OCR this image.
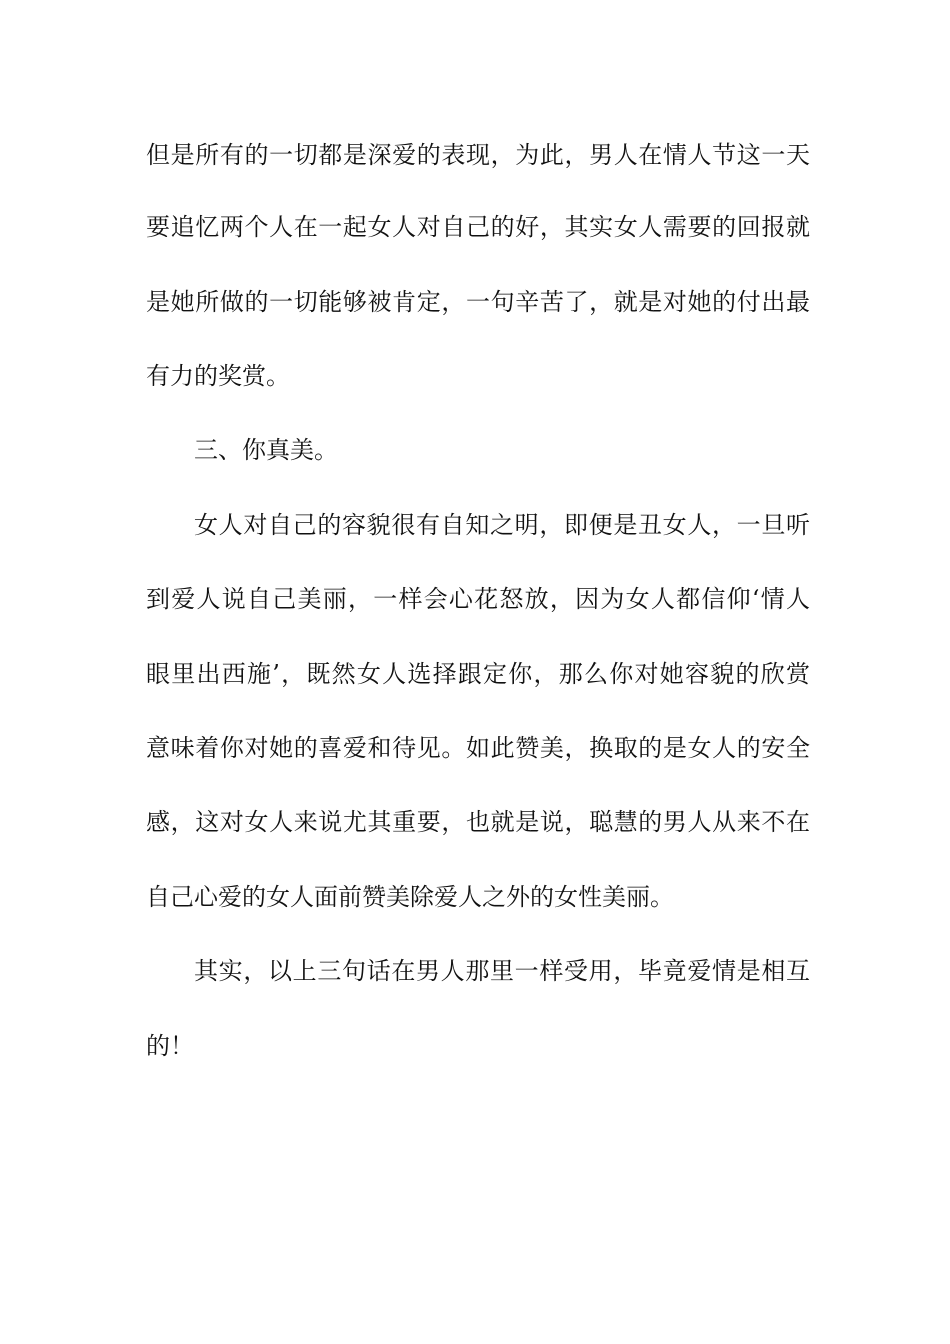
但是所有的一切都是深爱的表现，为此，男人在情人节这一天
要追忆两个人在一起女人对自己的好，其实女人需要的回报就
是她所做的一切能够被肯定，一句辛苦了，就是对她的付出最
有力的奖赏。
三、你真美。
女人对自己的容貌很有自知之明，即便是丑女人，一旦听
到爱人说自己美丽，一样会心花怒放，因为女人都信仰‘情人
眼里出西施’，既然女人选择跟定你，那么你对她容貌的欣赏
意味着你对她的喜爱和待见。如此赞美，换取的是女人的安全
感，这对女人来说尤其重要，也就是说，聪慧的男人从来不在
自己心爱的女人面前赞美除爱人之外的女性美丽。
其实，以上三句话在男人那里一样受用，毕竟爱情是相互
的！
